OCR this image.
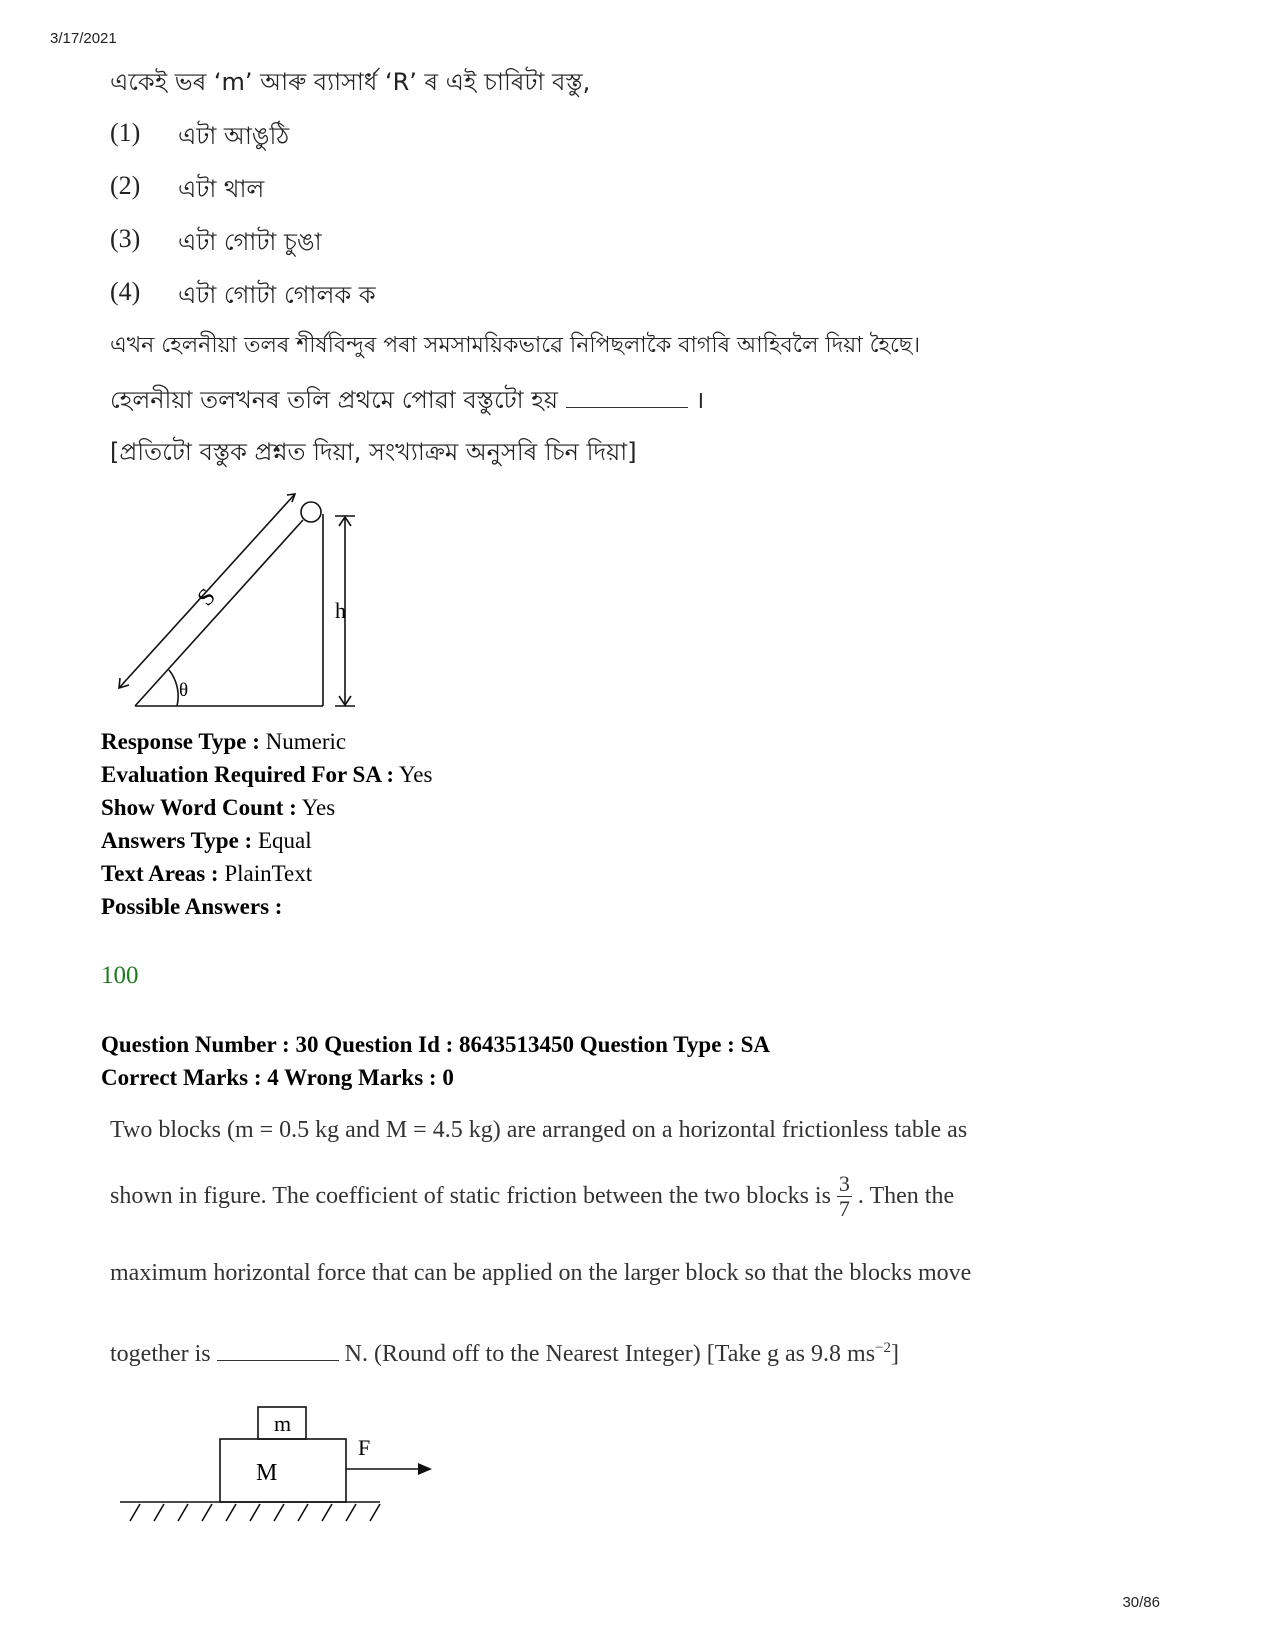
3/17/2021
একেই ভৰ ‘m’ আৰু ব্যাসাৰ্ধ ‘R’ ৰ এই চাৰিটা বস্তু,
(1) এটা আঙুঠি
(2) এটা থাল
(3) এটা গোটা চুঙা
(4) এটা গোটা গোলক ক
এখন হেলনীয়া তলৰ শীৰ্ষবিন্দুৰ পৰা সমসাময়িকভাৱে নিপিছলাকৈ বাগৰি আহিবলৈ দিয়া হৈছে।
হেলনীয়া তলখনৰ তলি প্ৰথমে পোৱা বস্তুটো হয়	।
[প্ৰতিটো বস্তুক প্ৰশ্নত দিয়া, সংখ্যাক্ৰম অনুসৰি চিন দিয়া]
S	h
θ
Response Type : Numeric
Evaluation Required For SA : Yes
Show Word Count : Yes
Answers Type : Equal
Text Areas : PlainText
Possible Answers :
100
Question Number : 30 Question Id : 8643513450 Question Type : SA
Correct Marks : 4 Wrong Marks : 0
Two blocks (m = 0.5 kg and M = 4.5 kg) are arranged on a horizontal frictionless table as
shown in figure. The coefficient of static friction between the two blocks is $\frac{3}{7}$ . Then the
maximum horizontal force that can be applied on the larger block so that the blocks move
together is	N. (Round off to the Nearest Integer) [Take g as 9.8 $ms^{-2}$]
m
M
F
30/86
